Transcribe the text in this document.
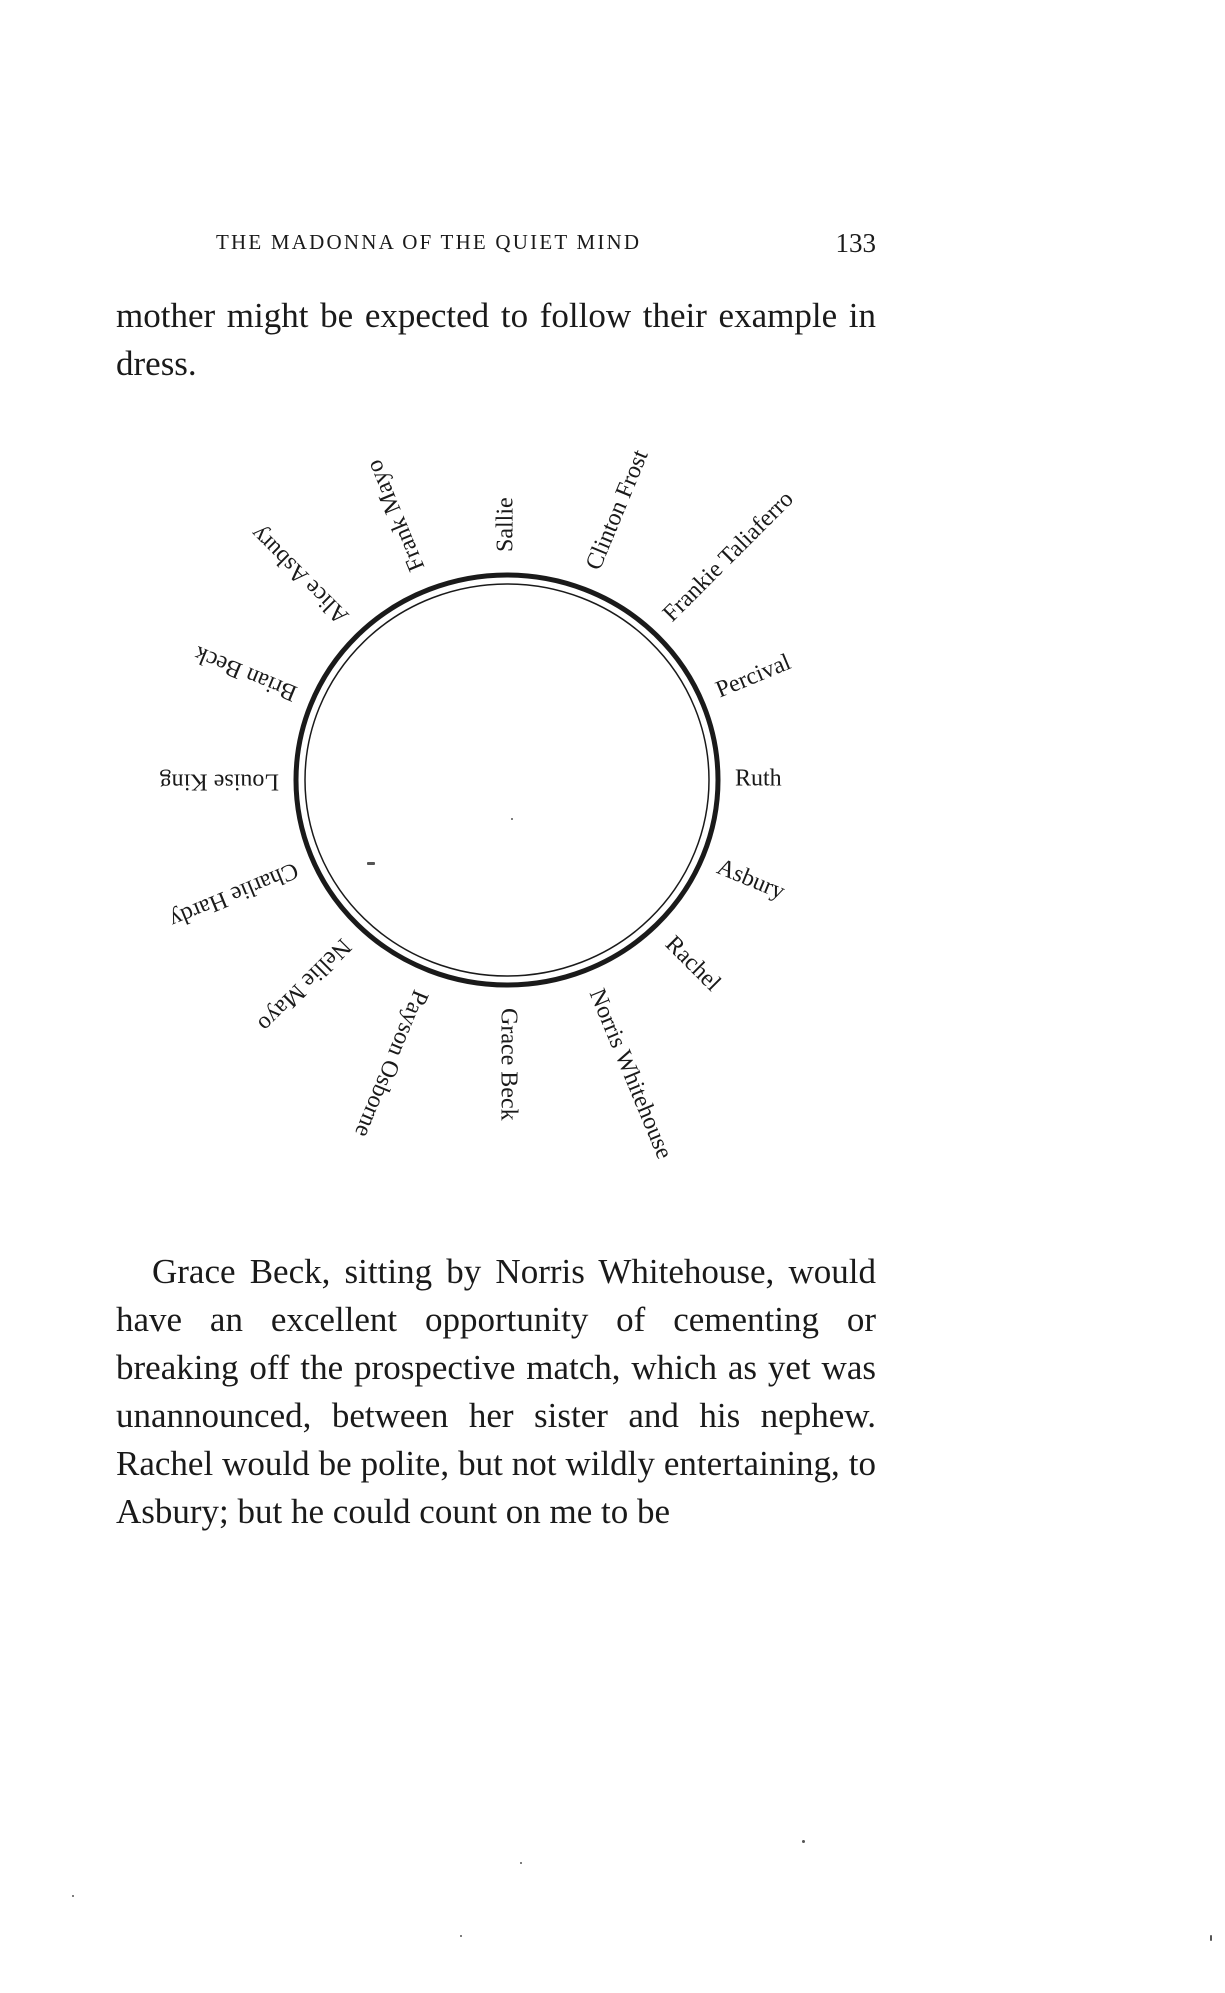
THE MADONNA OF THE QUIET MIND	133

mother might be expected to follow their example in dress.

Sallie	Clinton Frost Frankie Taliaferro
Percival
Ruth
Asbury
Rachel
Norris Whitehouse
Grace Beck
Payson Osborne
Nellie Mayo
Charlie Hardy
Louise King
Brian Beck
Alice Asbury Frank Mayo

Grace Beck, sitting by Norris Whitehouse, would have an excellent opportunity of cementing or breaking off the prospective match, which as yet was unannounced, between her sister and his nephew. Rachel would be polite, but not wildly entertaining, to Asbury; but he could count on me to be
